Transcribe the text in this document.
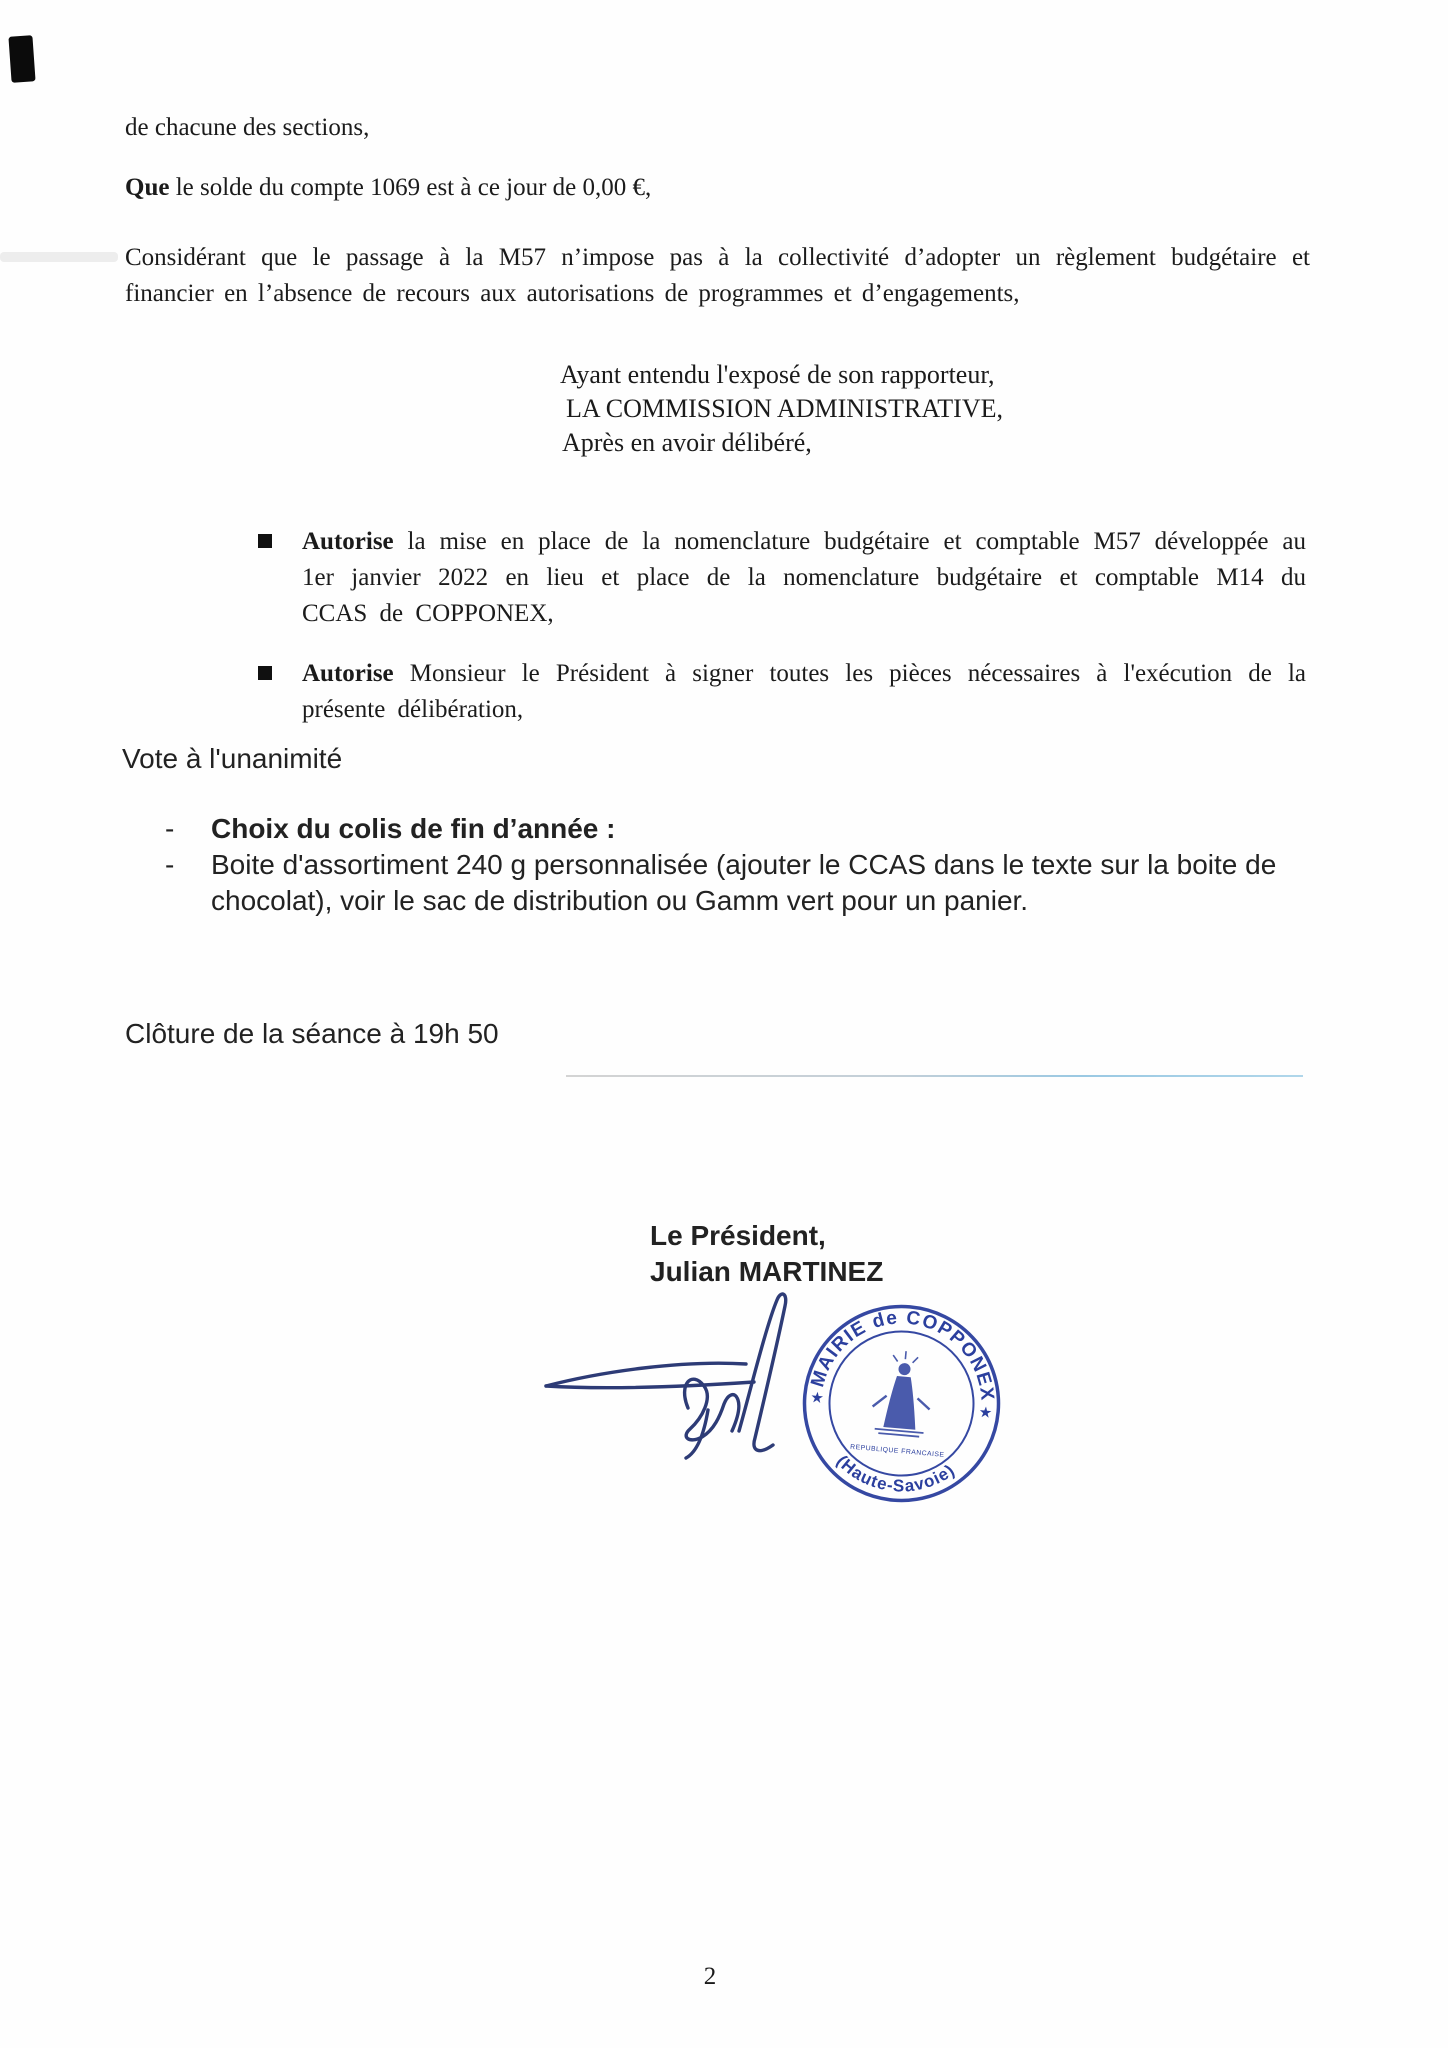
de chacune des sections,
Que le solde du compte 1069 est à ce jour de 0,00 €,
Considérant que le passage à la M57 n’impose pas à la collectivité d’adopter un règlement budgétaire et financier en l’absence de recours aux autorisations de programmes et d’engagements,
Ayant entendu l'exposé de son rapporteur,
LA COMMISSION ADMINISTRATIVE,
Après en avoir délibéré,
Autorise la mise en place de la nomenclature budgétaire et comptable M57 développée au 1er janvier 2022 en lieu et place de la nomenclature budgétaire et comptable M14 du CCAS de COPPONEX,
Autorise Monsieur le Président à signer toutes les pièces nécessaires à l'exécution de la présente délibération,
Vote à l'unanimité
-	Choix du colis de fin d’année :
-	Boite d'assortiment 240 g personnalisée (ajouter le CCAS dans le texte sur la boite de chocolat), voir le sac de distribution ou Gamm vert pour un panier.
Clôture de la séance à 19h 50
Le Président,
Julian MARTINEZ
MAIRIE de COPPONEX
(Haute-Savoie)
★
★
REPUBLIQUE FRANCAISE
2
